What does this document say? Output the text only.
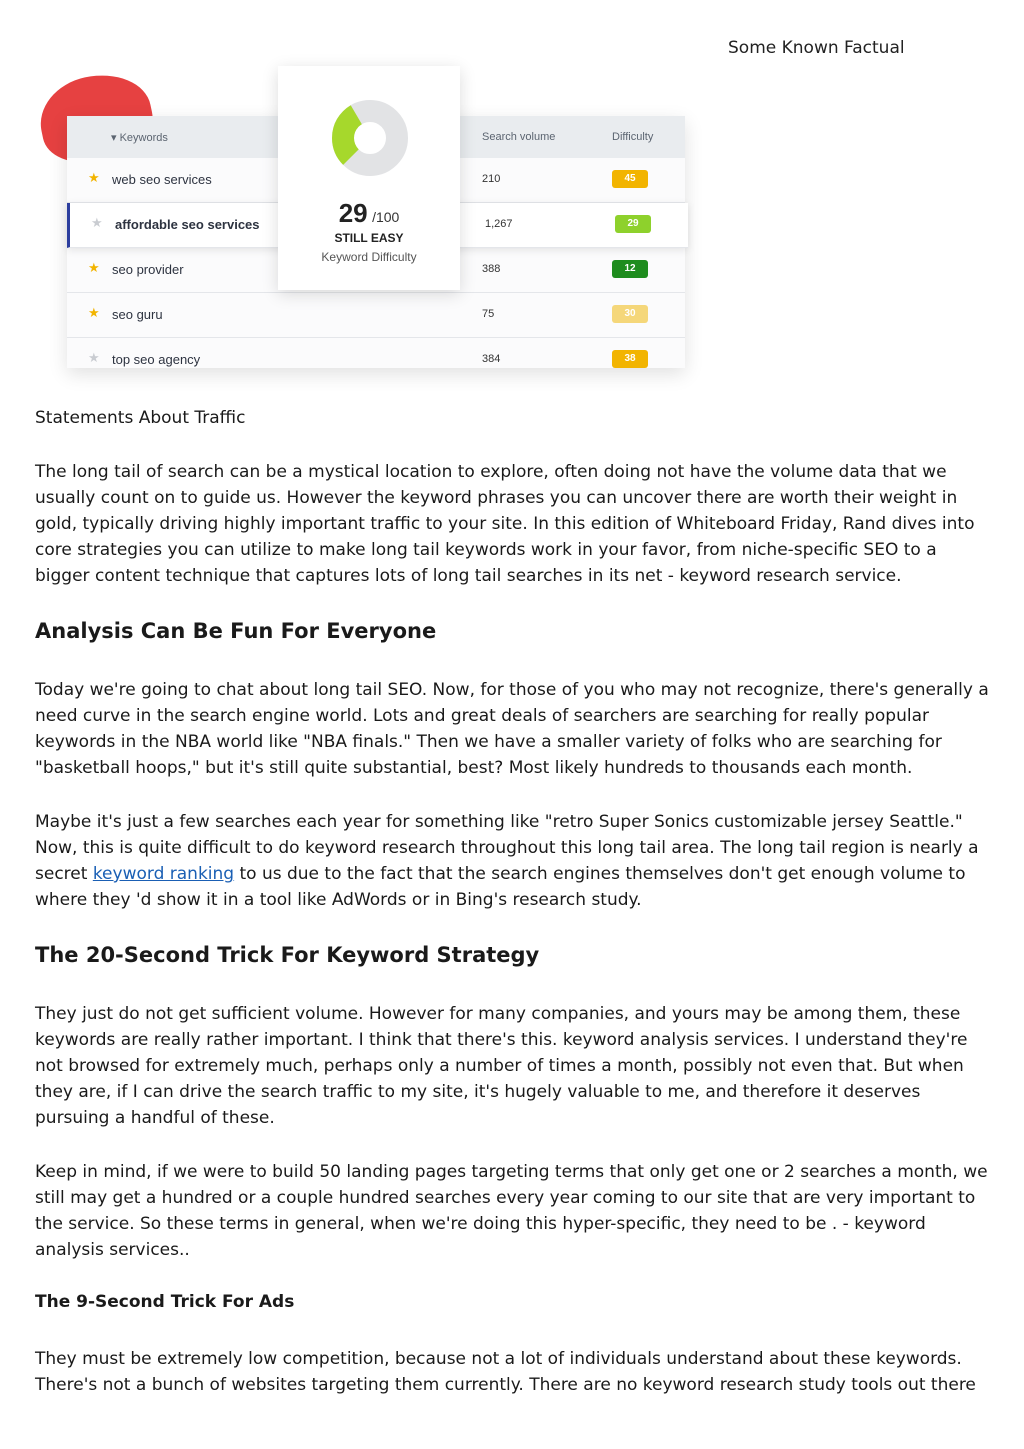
Some Known Factual
▾ Keywords	Search volume	Difficulty
★ web seo services	210	45
★ affordable seo services	1,267	29
★ seo provider	388	12
★ seo guru	75	30
★ top seo agency	384	38
29 /100
STILL EASY
Keyword Difficulty

Statements About Traffic

The long tail of search can be a mystical location to explore, often doing not have the volume data that we usually count on to guide us. However the keyword phrases you can uncover there are worth their weight in gold, typically driving highly important traffic to your site. In this edition of Whiteboard Friday, Rand dives into core strategies you can utilize to make long tail keywords work in your favor, from niche-specific SEO to a bigger content technique that captures lots of long tail searches in its net - keyword research service.

Analysis Can Be Fun For Everyone

Today we're going to chat about long tail SEO. Now, for those of you who may not recognize, there's generally a need curve in the search engine world. Lots and great deals of searchers are searching for really popular keywords in the NBA world like "NBA finals." Then we have a smaller variety of folks who are searching for "basketball hoops," but it's still quite substantial, best? Most likely hundreds to thousands each month.

Maybe it's just a few searches each year for something like "retro Super Sonics customizable jersey Seattle." Now, this is quite difficult to do keyword research throughout this long tail area. The long tail region is nearly a secret keyword ranking to us due to the fact that the search engines themselves don't get enough volume to where they 'd show it in a tool like AdWords or in Bing's research study.

The 20-Second Trick For Keyword Strategy

They just do not get sufficient volume. However for many companies, and yours may be among them, these keywords are really rather important. I think that there's this. keyword analysis services. I understand they're not browsed for extremely much, perhaps only a number of times a month, possibly not even that. But when they are, if I can drive the search traffic to my site, it's hugely valuable to me, and therefore it deserves pursuing a handful of these.

Keep in mind, if we were to build 50 landing pages targeting terms that only get one or 2 searches a month, we still may get a hundred or a couple hundred searches every year coming to our site that are very important to the service. So these terms in general, when we're doing this hyper-specific, they need to be . - keyword analysis services..

The 9-Second Trick For Ads

They must be extremely low competition, because not a lot of individuals understand about these keywords. There's not a bunch of websites targeting them currently. There are no keyword research study tools out there
